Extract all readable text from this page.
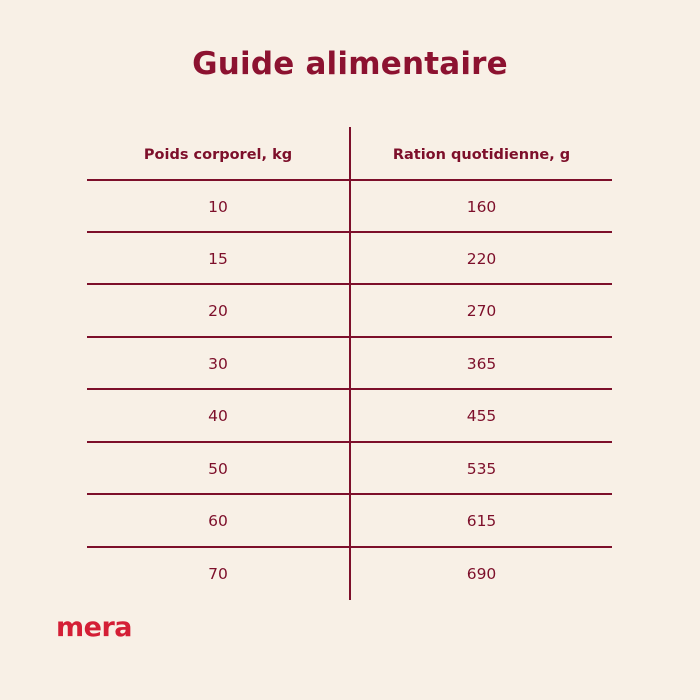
Guide alimentaire
Poids corporel, kg	Ration quotidienne, g
10	160
15	220
20	270
30	365
40	455
50	535
60	615
70	690
mera
